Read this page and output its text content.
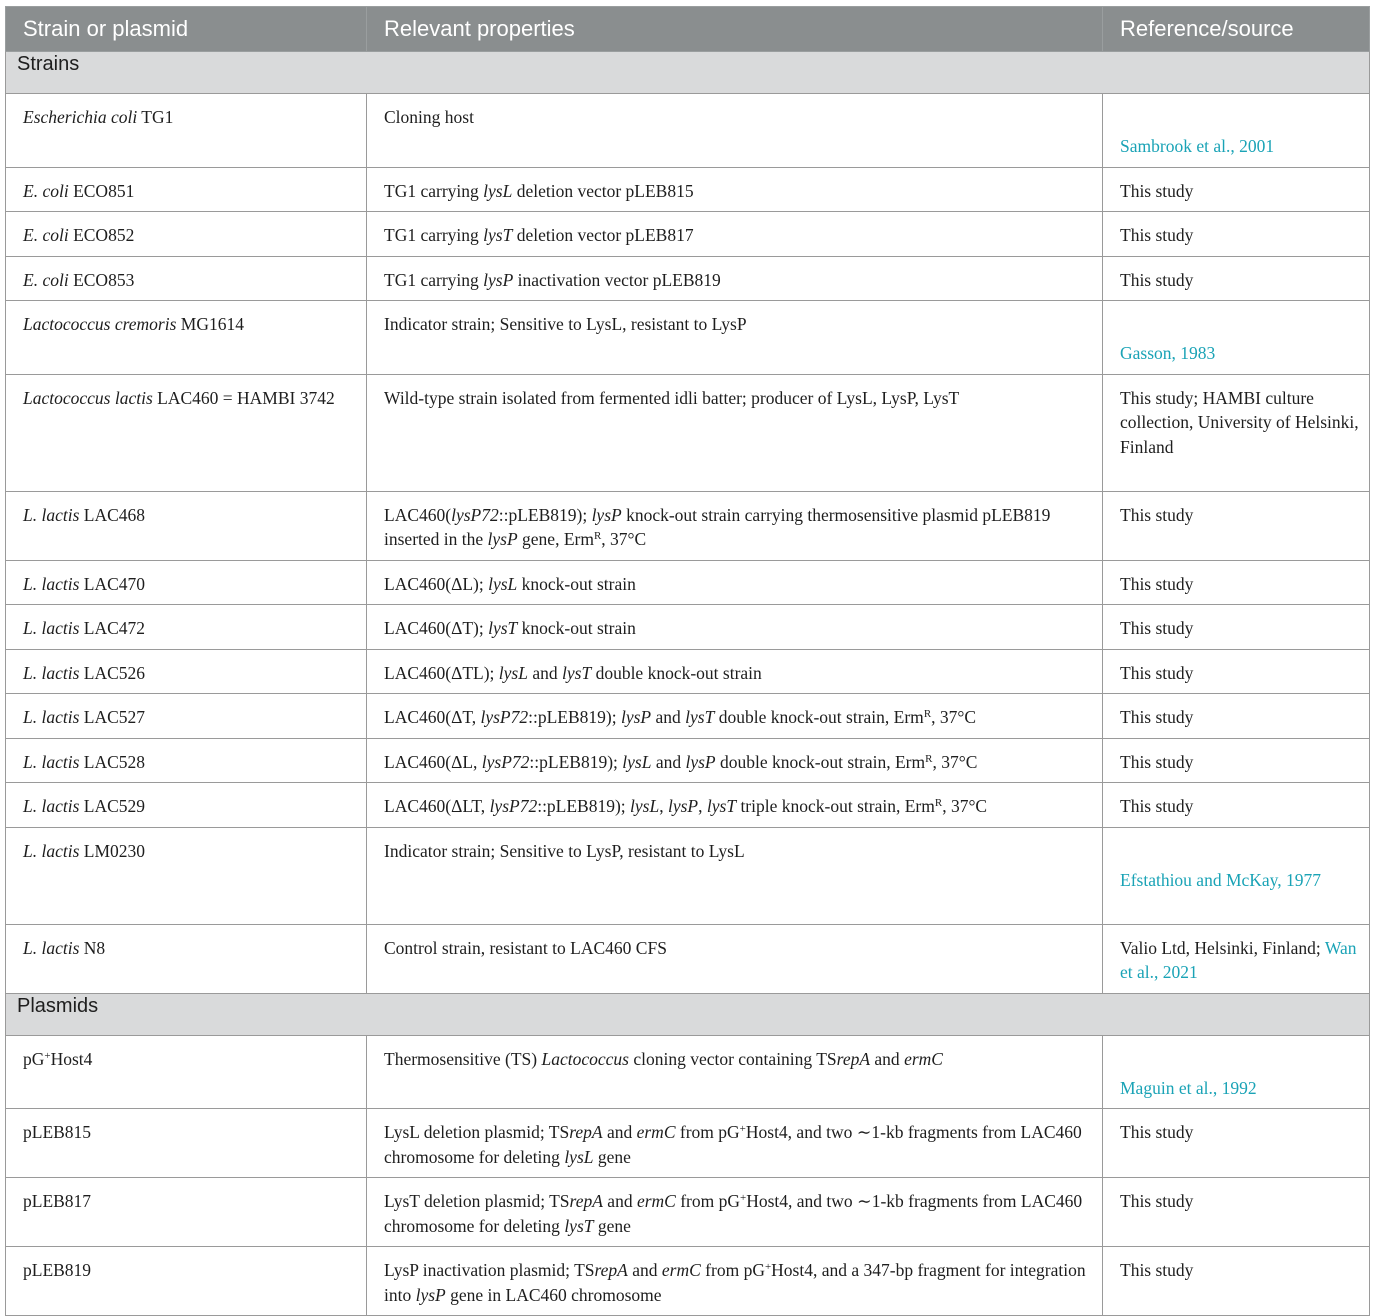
Strain or plasmid	Relevant properties	Reference/source
Strains		
Escherichia coli TG1	Cloning host	Sambrook et al., 2001
E. coli ECO851	TG1 carrying lysL deletion vector pLEB815	This study
E. coli ECO852	TG1 carrying lysT deletion vector pLEB817	This study
E. coli ECO853	TG1 carrying lysP inactivation vector pLEB819	This study
Lactococcus cremoris MG1614	Indicator strain; Sensitive to LysL, resistant to LysP	Gasson, 1983
Lactococcus lactis LAC460 = HAMBI 3742	Wild-type strain isolated from fermented idli batter; producer of LysL, LysP, LysT	This study; HAMBI culture collection, University of Helsinki, Finland
L. lactis LAC468	LAC460(lysP72::pLEB819); lysP knock-out strain carrying thermosensitive plasmid pLEB819 inserted in the lysP gene, Erm$^R$, 37°C	This study
L. lactis LAC470	LAC460(ΔL); lysL knock-out strain	This study
L. lactis LAC472	LAC460(ΔT); lysT knock-out strain	This study
L. lactis LAC526	LAC460(ΔTL); lysL and lysT double knock-out strain	This study
L. lactis LAC527	LAC460(ΔT, lysP72::pLEB819); lysP and lysT double knock-out strain, Erm$^R$, 37°C	This study
L. lactis LAC528	LAC460(ΔL, lysP72::pLEB819); lysL and lysP double knock-out strain, Erm$^R$, 37°C	This study
L. lactis LAC529	LAC460(ΔLT, lysP72::pLEB819); lysL, lysP, lysT triple knock-out strain, Erm$^R$, 37°C	This study
L. lactis LM0230	Indicator strain; Sensitive to LysP, resistant to LysL	Efstathiou and McKay, 1977
L. lactis N8	Control strain, resistant to LAC460 CFS	Valio Ltd, Helsinki, Finland; Wan et al., 2021
Plasmids		
pG+Host4	Thermosensitive (TS) Lactococcus cloning vector containing TSrepA and ermC	Maguin et al., 1992
pLEB815	LysL deletion plasmid; TSrepA and ermC from pG+Host4, and two ∼1-kb fragments from LAC460 chromosome for deleting lysL gene	This study
pLEB817	LysT deletion plasmid; TSrepA and ermC from pG+Host4, and two ∼1-kb fragments from LAC460 chromosome for deleting lysT gene	This study
pLEB819	LysP inactivation plasmid; TSrepA and ermC from pG+Host4, and a 347-bp fragment for integration into lysP gene in LAC460 chromosome	This study
